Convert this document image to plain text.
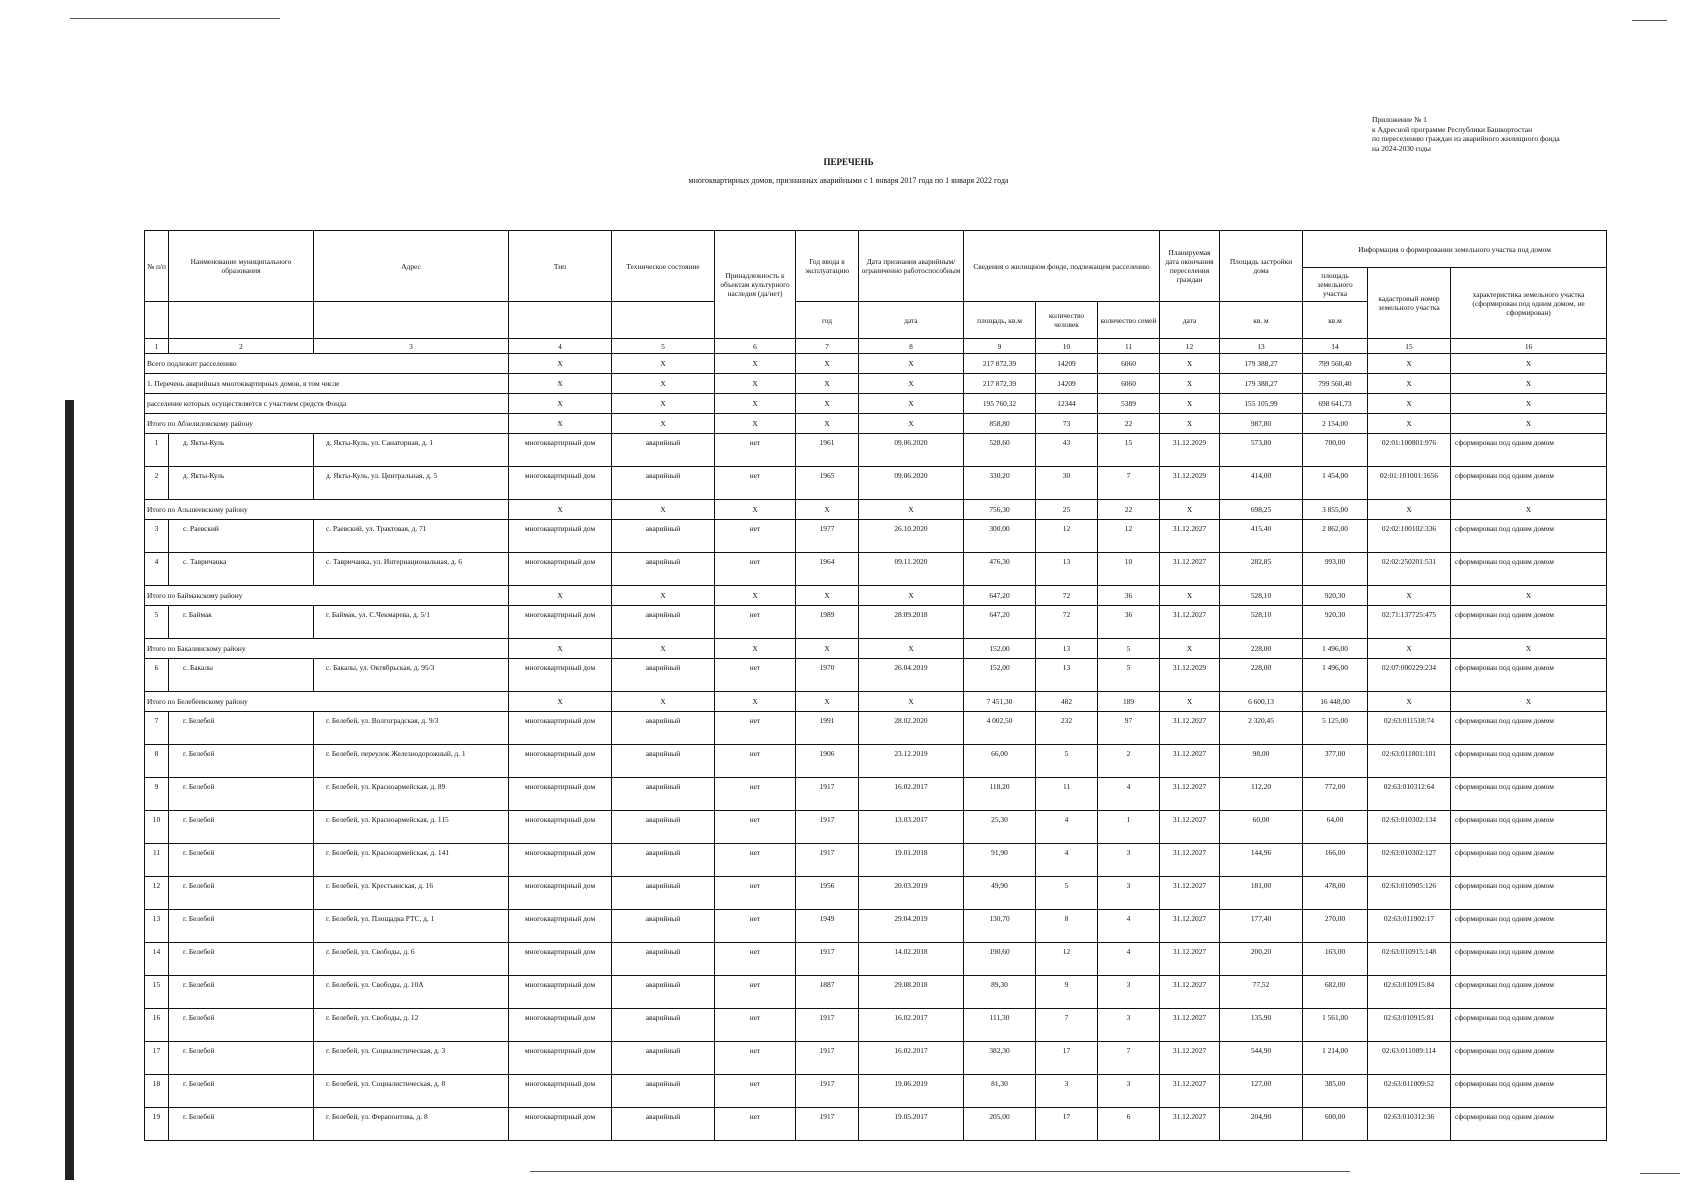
Приложение № 1
к Адресной программе Республики Башкортостан
по переселению граждан из аварийного жилищного фонда
на 2024-2030 годы
ПЕРЕЧЕНЬ
многоквартирных домов, признанных аварийными с 1 января 2017 года по 1 января 2022 года
№ п/п	Наименование муниципального образования	Адрес	Тип	Техническое состояние	Принадлежность к объектам культурного наследия (да/нет)	Год ввода в эксплуатацию	Дата признания аварийным/ограниченно работоспособным	Сведения о жилищном фонде, подлежащем расселению			Планируемая дата окончания переселения граждан	Площадь застройки дома	Информация о формировании земельного участка под домом		
													площадь земельного участка	кадастровый номер земельного участка	характеристика земельного участка (сформирован под одним домом, не сформирован)
						год	дата	площадь, кв.м	количество человек	количество семей	дата	кв. м	кв.м		
1	2	3	4	5	6	7	8	9	10	11	12	13	14	15	16
Всего подлежит расселению			X	X	X	X	X	217 872,39	14209	6060	X	179 388,27	799 560,40	X	X
1. Перечень аварийных многоквартирных домов, в том числе			X	X	X	X	X	217 872,39	14209	6060	X	179 388,27	799 560,40	X	X
расселение которых осуществляется с участием средств Фонда			X	X	X	X	X	195 760,32	12344	5389	X	155 105,99	698 641,73	X	X
Итого по Абзелиловскому району			X	X	X	X	X	858,80	73	22	X	987,80	2 154,00	X	X
1	д. Якты-Куль	д. Якты-Куль, ул. Санаторная, д. 1	многоквартирный дом	аварийный	нет	1961	09.06.2020	528,60	43	15	31.12.2029	573,80	700,00	02:01:100801:976	сформирован под одним домом
2	д. Якты-Куль	д. Якты-Куль, ул. Центральная, д. 5	многоквартирный дом	аварийный	нет	1965	09.06.2020	330,20	30	7	31.12.2029	414,00	1 454,00	02:01:101001:1656	сформирован под одним домом
Итого по Альшеевскому району			X	X	X	X	X	756,30	25	22	X	698,25	3 855,00	X	X
3	с. Раевский	с. Раевский, ул. Трактовая, д. 71	многоквартирный дом	аварийный	нет	1977	26.10.2020	300,00	12	12	31.12.2027	415,40	2 862,00	02:02:100102:336	сформирован под одним домом
4	с. Тавричанка	с. Тавричанка, ул. Интернациональная, д. 6	многоквартирный дом	аварийный	нет	1964	09.11.2020	476,30	13	10	31.12.2027	282,85	993,00	02:02:250201:531	сформирован под одним домом
Итого по Баймакскому району			X	X	X	X	X	647,20	72	36	X	528,10	920,30	X	X
5	г. Баймак	г. Баймак, ул. С.Чекмарева, д. 5/1	многоквартирный дом	аварийный	нет	1989	28.09.2018	647,20	72	36	31.12.2027	528,10	920,30	02:71:137725:475	сформирован под одним домом
Итого по Бакалинскому району			X	X	X	X	X	152,00	13	5	X	228,00	1 496,00	X	X
6	с. Бакалы	с. Бакалы, ул. Октябрьская, д. 95/3	многоквартирный дом	аварийный	нет	1970	26.04.2019	152,00	13	5	31.12.2029	228,00	1 496,00	02:07:000229:234	сформирован под одним домом
Итого по Белебеевскому району			X	X	X	X	X	7 451,30	482	189	X	6 600,13	16 448,00	X	X
7	г. Белебей	г. Белебей, ул. Волгоградская, д. 9/3	многоквартирный дом	аварийный	нет	1991	28.02.2020	4 002,50	232	97	31.12.2027	2 320,45	5 125,00	02:63:011518:74	сформирован под одним домом
8	г. Белебей	г. Белебей, переулок Железнодорожный, д. 1	многоквартирный дом	аварийный	нет	1906	23.12.2019	66,00	5	2	31.12.2027	98,00	377,00	02:63:011801:101	сформирован под одним домом
9	г. Белебей	г. Белебей, ул. Красноармейская, д. 89	многоквартирный дом	аварийный	нет	1917	16.02.2017	118,20	11	4	31.12.2027	112,20	772,00	02:63:010312:64	сформирован под одним домом
10	г. Белебей	г. Белебей, ул. Красноармейская, д. 115	многоквартирный дом	аварийный	нет	1917	13.03.2017	25,30	4	1	31.12.2027	60,00	64,00	02:63:010302:134	сформирован под одним домом
11	г. Белебей	г. Белебей, ул. Красноармейская, д. 141	многоквартирный дом	аварийный	нет	1917	19.01.2018	91,90	4	3	31.12.2027	144,96	166,00	02:63:010302:127	сформирован под одним домом
12	г. Белебей	г. Белебей, ул. Крестьянская, д. 16	многоквартирный дом	аварийный	нет	1956	20.03.2019	49,90	5	3	31.12.2027	181,00	478,00	02:63:010905:126	сформирован под одним домом
13	г. Белебей	г. Белебей, ул. Площадка РТС, д. 1	многоквартирный дом	аварийный	нет	1949	29.04.2019	130,70	8	4	31.12.2027	177,40	270,00	02:63:011902:17	сформирован под одним домом
14	г. Белебей	г. Белебей, ул. Свободы, д. 6	многоквартирный дом	аварийный	нет	1917	14.02.2018	190,60	12	4	31.12.2027	200,20	163,00	02:63:010915:148	сформирован под одним домом
15	г. Белебей	г. Белебей, ул. Свободы, д. 10А	многоквартирный дом	аварийный	нет	1887	29.08.2018	89,30	9	3	31.12.2027	77,52	682,00	02:63:010915:84	сформирован под одним домом
16	г. Белебей	г. Белебей, ул. Свободы, д. 12	многоквартирный дом	аварийный	нет	1917	16.02.2017	111,30	7	3	31.12.2027	135,90	1 561,00	02:63:010915:81	сформирован под одним домом
17	г. Белебей	г. Белебей, ул. Социалистическая, д. 3	многоквартирный дом	аварийный	нет	1917	16.02.2017	382,30	17	7	31.12.2027	544,90	1 214,00	02:63:011009:114	сформирован под одним домом
18	г. Белебей	г. Белебей, ул. Социалистическая, д. 8	многоквартирный дом	аварийный	нет	1917	19.06.2019	81,30	3	3	31.12.2027	127,00	385,00	02:63:011009:52	сформирован под одним домом
19	г. Белебей	г. Белебей, ул. Ферапонтова, д. 8	многоквартирный дом	аварийный	нет	1917	19.05.2017	205,00	17	6	31.12.2027	204,90	600,00	02:63:010312:36	сформирован под одним домом
